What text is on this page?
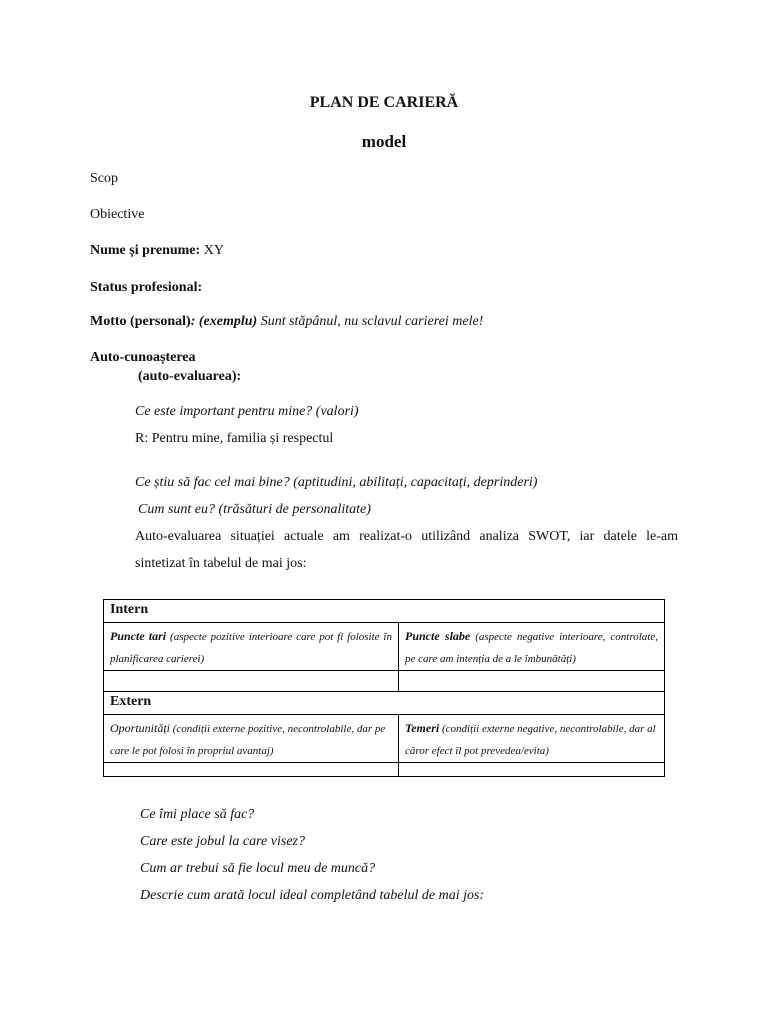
PLAN DE CARIERĂ
model
Scop
Obiective
Nume și prenume: XY
Status profesional:
Motto (personal): (exemplu) Sunt stăpânul, nu sclavul carierei mele!
Auto-cunoașterea
(auto-evaluarea):
Ce este important pentru mine? (valori)
R: Pentru mine, familia și respectul
Ce știu să fac cel mai bine? (aptitudini, abilitați, capacitați, deprinderi)
Cum sunt eu? (trăsături de personalitate)
Auto-evaluarea situației actuale am realizat-o utilizând analiza SWOT, iar datele le-am
sintetizat în tabelul de mai jos:
Intern	
Puncte tari (aspecte pozitive interioare care pot fi folosite în planificarea carierei)	Puncte slabe (aspecte negative interioare, controlate, pe care am intenția de a le îmbunătăți)

Extern	
Oportunități (condiții externe pozitive, necontrolabile, dar pe care le pot folosi în propriul avantaj)	Temeri (condiții externe negative, necontrolabile, dar al căror efect îl pot prevedea/evita)

Ce îmi place să fac?
Care este jobul la care visez?
Cum ar trebui să fie locul meu de muncă?
Descrie cum arată locul ideal completând tabelul de mai jos:
